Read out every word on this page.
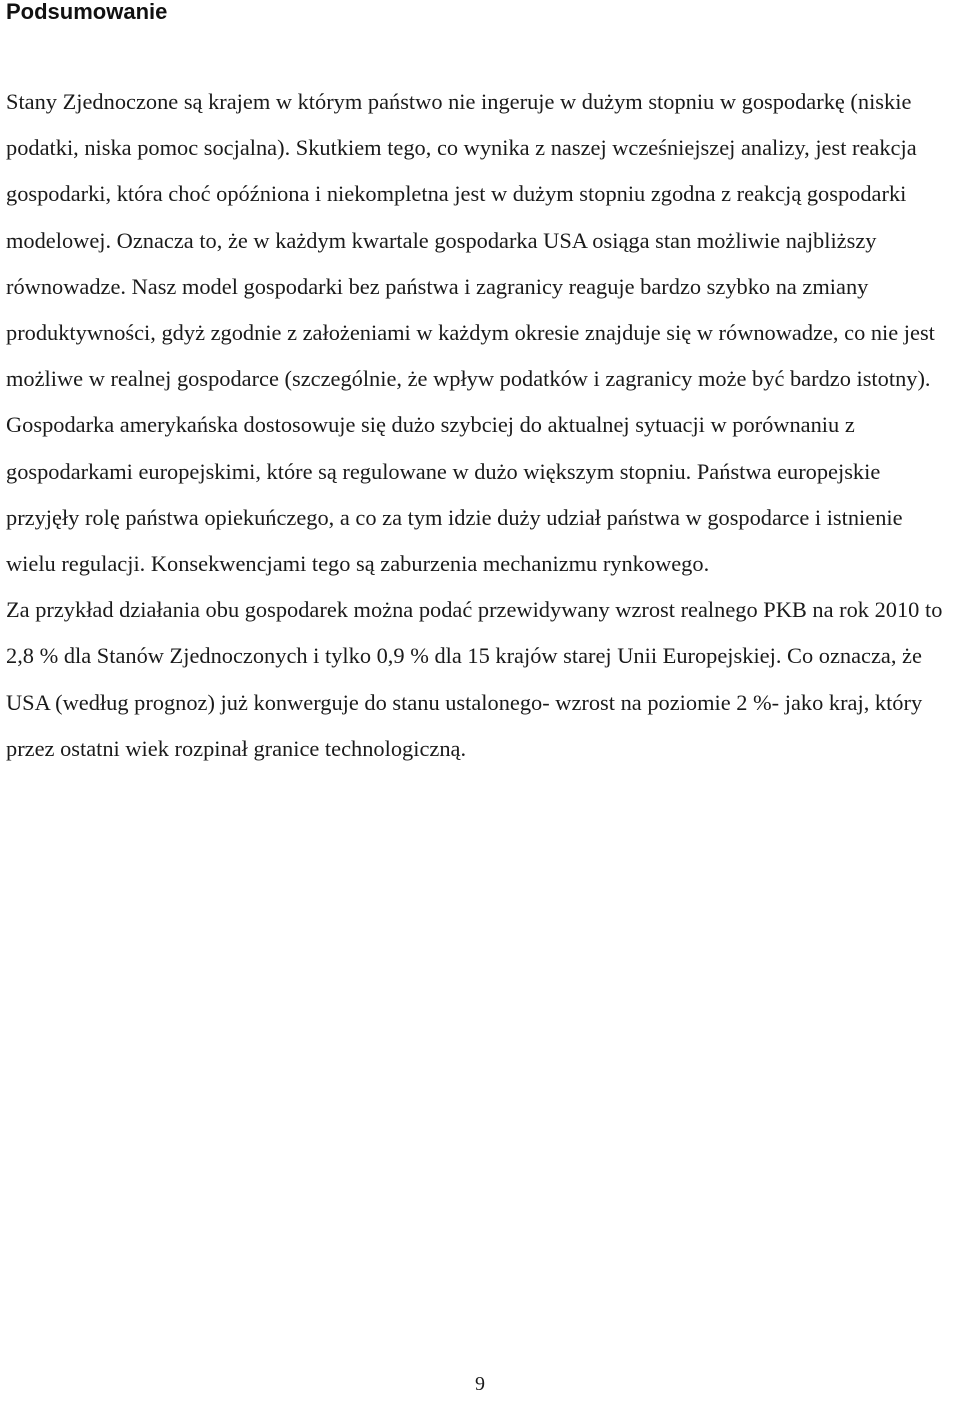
Podsumowanie

Stany Zjednoczone są krajem w którym państwo nie ingeruje w dużym stopniu w gospodarkę (niskie podatki, niska pomoc socjalna). Skutkiem tego, co wynika z naszej wcześniejszej analizy, jest reakcja gospodarki, która choć opóźniona i niekompletna jest w dużym stopniu zgodna z reakcją gospodarki modelowej. Oznacza to, że w każdym kwartale gospodarka USA osiąga stan możliwie najbliższy równowadze. Nasz model gospodarki bez państwa i zagranicy reaguje bardzo szybko na zmiany produktywności, gdyż zgodnie z założeniami w każdym okresie znajduje się w równowadze, co nie jest możliwe w realnej gospodarce (szczególnie, że wpływ podatków i zagranicy może być bardzo istotny).

Gospodarka amerykańska dostosowuje się dużo szybciej do aktualnej sytuacji w porównaniu z gospodarkami europejskimi, które są regulowane w dużo większym stopniu. Państwa europejskie przyjęły rolę państwa opiekuńczego, a co za tym idzie duży udział państwa w gospodarce i istnienie wielu regulacji. Konsekwencjami tego są zaburzenia mechanizmu rynkowego.

Za przykład działania obu gospodarek można podać przewidywany wzrost realnego PKB na rok 2010 to 2,8 % dla Stanów Zjednoczonych i tylko 0,9 % dla 15 krajów starej Unii Europejskiej. Co oznacza, że USA (według prognoz) już konwerguje do stanu ustalonego- wzrost na poziomie 2 %- jako kraj, który przez ostatni wiek rozpinał granice technologiczną.

9
